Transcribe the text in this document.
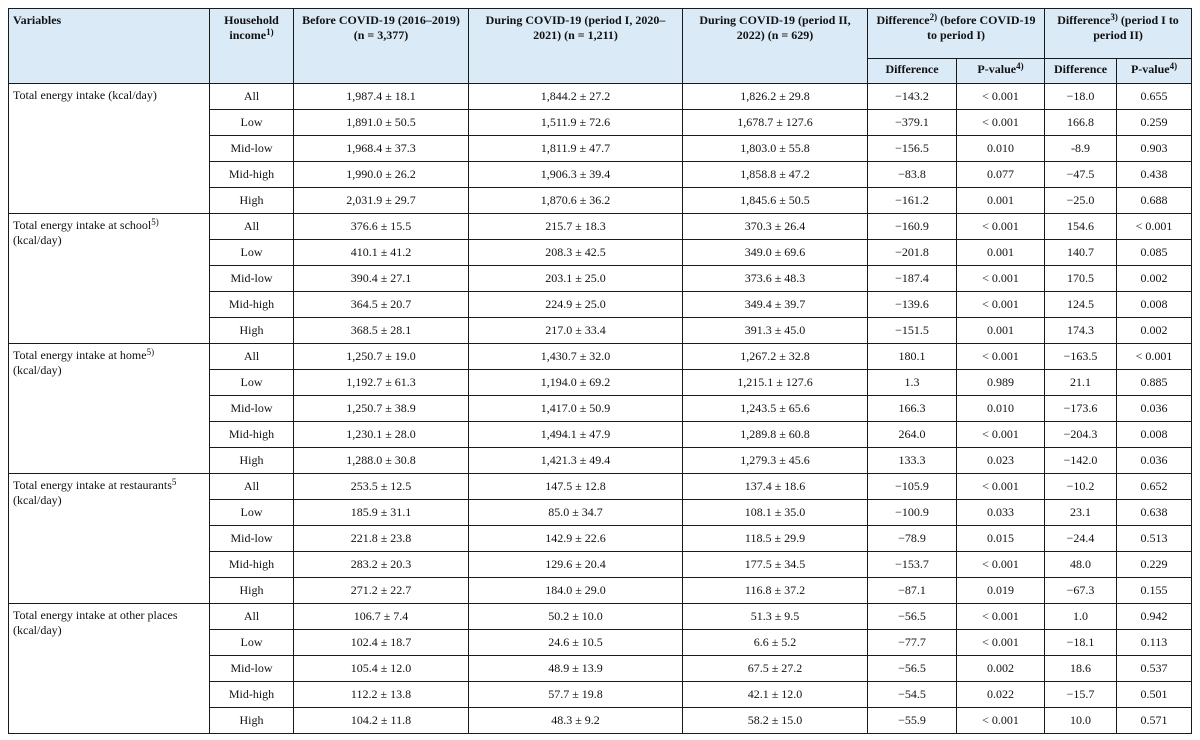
Variables	Household income$^{1)}$	Before COVID-19 (2016–2019) (n = 3,377)	During COVID-19 (period I, 2020–2021) (n = 1,211)	During COVID-19 (period II, 2022) (n = 629)	Difference$^{2)}$ (before COVID-19 to period I)		Difference$^{3)}$ (period I to period II)	
					Difference	P-value$^{4)}$	Difference	P-value$^{4)}$
Total energy intake (kcal/day)	All	1,987.4 ± 18.1	1,844.2 ± 27.2	1,826.2 ± 29.8	−143.2	< 0.001	−18.0	0.655
	Low	1,891.0 ± 50.5	1,511.9 ± 72.6	1,678.7 ± 127.6	−379.1	< 0.001	166.8	0.259
	Mid-low	1,968.4 ± 37.3	1,811.9 ± 47.7	1,803.0 ± 55.8	−156.5	0.010	-8.9	0.903
	Mid-high	1,990.0 ± 26.2	1,906.3 ± 39.4	1,858.8 ± 47.2	−83.8	0.077	−47.5	0.438
	High	2,031.9 ± 29.7	1,870.6 ± 36.2	1,845.6 ± 50.5	−161.2	0.001	−25.0	0.688
Total energy intake at school$^{5)}$
(kcal/day)	All	376.6 ± 15.5	215.7 ± 18.3	370.3 ± 26.4	−160.9	< 0.001	154.6	< 0.001
	Low	410.1 ± 41.2	208.3 ± 42.5	349.0 ± 69.6	−201.8	0.001	140.7	0.085
	Mid-low	390.4 ± 27.1	203.1 ± 25.0	373.6 ± 48.3	−187.4	< 0.001	170.5	0.002
	Mid-high	364.5 ± 20.7	224.9 ± 25.0	349.4 ± 39.7	−139.6	< 0.001	124.5	0.008
	High	368.5 ± 28.1	217.0 ± 33.4	391.3 ± 45.0	−151.5	0.001	174.3	0.002
Total energy intake at home$^{5)}$
(kcal/day)	All	1,250.7 ± 19.0	1,430.7 ± 32.0	1,267.2 ± 32.8	180.1	< 0.001	−163.5	< 0.001
	Low	1,192.7 ± 61.3	1,194.0 ± 69.2	1,215.1 ± 127.6	1.3	0.989	21.1	0.885
	Mid-low	1,250.7 ± 38.9	1,417.0 ± 50.9	1,243.5 ± 65.6	166.3	0.010	−173.6	0.036
	Mid-high	1,230.1 ± 28.0	1,494.1 ± 47.9	1,289.8 ± 60.8	264.0	< 0.001	−204.3	0.008
	High	1,288.0 ± 30.8	1,421.3 ± 49.4	1,279.3 ± 45.6	133.3	0.023	−142.0	0.036
Total energy intake at restaurants$^5$
(kcal/day)	All	253.5 ± 12.5	147.5 ± 12.8	137.4 ± 18.6	−105.9	< 0.001	−10.2	0.652
	Low	185.9 ± 31.1	85.0 ± 34.7	108.1 ± 35.0	−100.9	0.033	23.1	0.638
	Mid-low	221.8 ± 23.8	142.9 ± 22.6	118.5 ± 29.9	−78.9	0.015	−24.4	0.513
	Mid-high	283.2 ± 20.3	129.6 ± 20.4	177.5 ± 34.5	−153.7	< 0.001	48.0	0.229
	High	271.2 ± 22.7	184.0 ± 29.0	116.8 ± 37.2	−87.1	0.019	−67.3	0.155
Total energy intake at other places
(kcal/day)	All	106.7 ± 7.4	50.2 ± 10.0	51.3 ± 9.5	−56.5	< 0.001	1.0	0.942
	Low	102.4 ± 18.7	24.6 ± 10.5	6.6 ± 5.2	−77.7	< 0.001	−18.1	0.113
	Mid-low	105.4 ± 12.0	48.9 ± 13.9	67.5 ± 27.2	−56.5	0.002	18.6	0.537
	Mid-high	112.2 ± 13.8	57.7 ± 19.8	42.1 ± 12.0	−54.5	0.022	−15.7	0.501
	High	104.2 ± 11.8	48.3 ± 9.2	58.2 ± 15.0	−55.9	< 0.001	10.0	0.571
